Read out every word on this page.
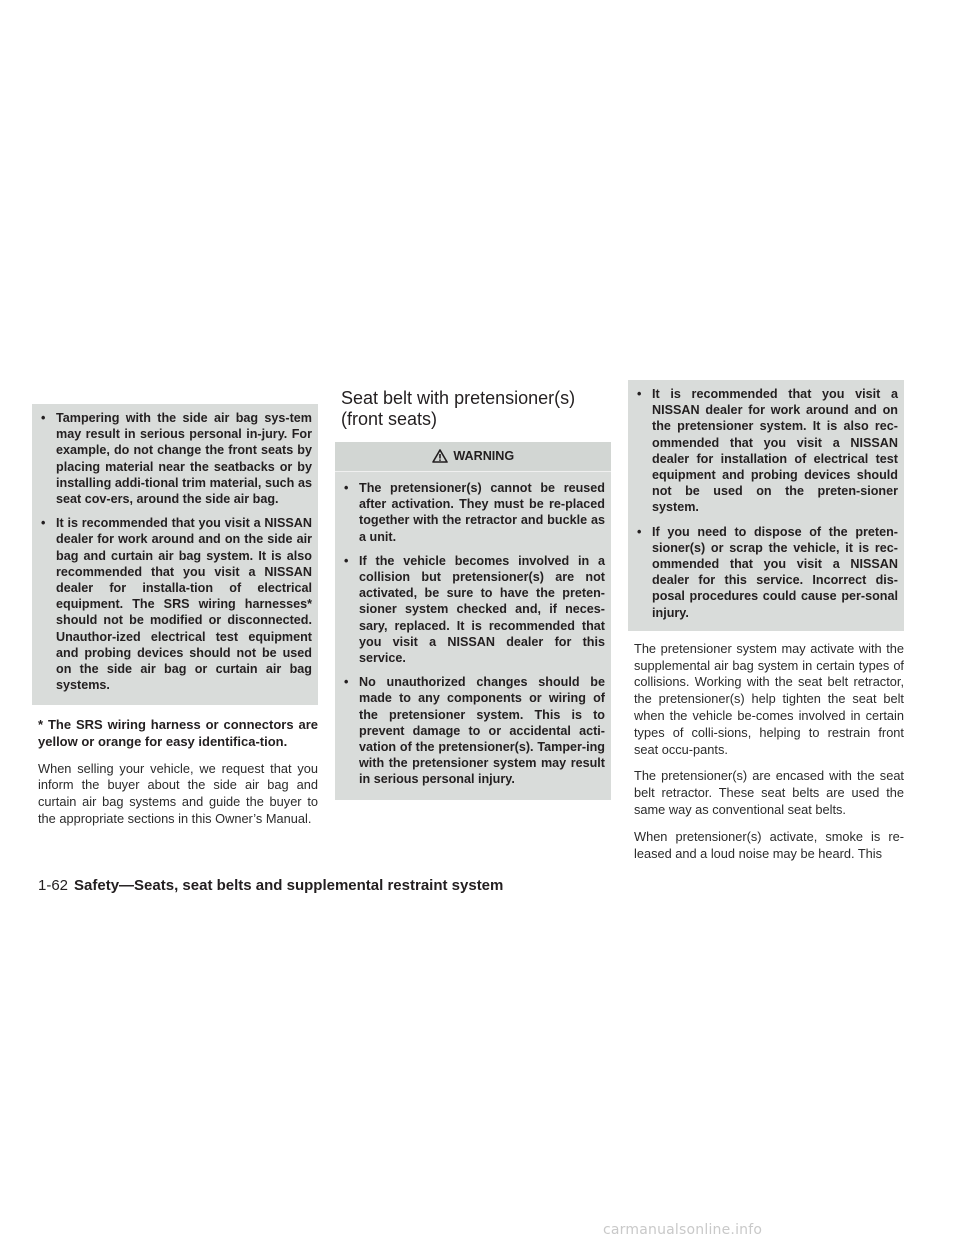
• Tampering with the side air bag sys-tem may result in serious personal in-jury. For example, do not change the front seats by placing material near the seatbacks or by installing addi-tional trim material, such as seat cov-ers, around the side air bag.
• It is recommended that you visit a NISSAN dealer for work around and on the side air bag and curtain air bag system. It is also recommended that you visit a NISSAN dealer for installa-tion of electrical equipment. The SRS wiring harnesses* should not be modified or disconnected. Unauthor-ized electrical test equipment and probing devices should not be used on the side air bag or curtain air bag systems.

* The SRS wiring harness or connectors are yellow or orange for easy identifica-tion.

When selling your vehicle, we request that you inform the buyer about the side air bag and curtain air bag systems and guide the buyer to the appropriate sections in this Owner’s Manual.

Seat belt with pretensioner(s) (front seats)
WARNING
• The pretensioner(s) cannot be reused after activation. They must be re-placed together with the retractor and buckle as a unit.
• If the vehicle becomes involved in a collision but pretensioner(s) are not activated, be sure to have the preten-sioner system checked and, if neces-sary, replaced. It is recommended that you visit a NISSAN dealer for this service.
• No unauthorized changes should be made to any components or wiring of the pretensioner system. This is to prevent damage to or accidental acti-vation of the pretensioner(s). Tamper-ing with the pretensioner system may result in serious personal injury.
• It is recommended that you visit a NISSAN dealer for work around and on the pretensioner system. It is also rec-ommended that you visit a NISSAN dealer for installation of electrical test equipment and probing devices should not be used on the preten-sioner system.
• If you need to dispose of the preten-sioner(s) or scrap the vehicle, it is rec-ommended that you visit a NISSAN dealer for this service. Incorrect dis-posal procedures could cause per-sonal injury.

The pretensioner system may activate with the supplemental air bag system in certain types of collisions. Working with the seat belt retractor, the pretensioner(s) help tighten the seat belt when the vehicle be-comes involved in certain types of colli-sions, helping to restrain front seat occu-pants.

The pretensioner(s) are encased with the seat belt retractor. These seat belts are used the same way as conventional seat belts.

When pretensioner(s) activate, smoke is re-leased and a loud noise may be heard. This

1-62 Safety—Seats, seat belts and supplemental restraint system
carmanualsonline.info
